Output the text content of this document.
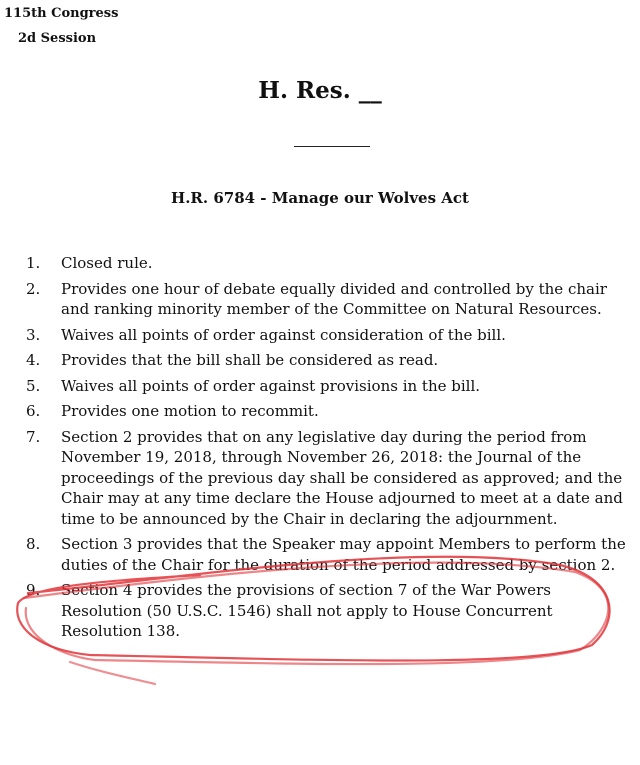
115th Congress
2d Session
H. Res. __
H.R. 6784 - Manage our Wolves Act
1.	Closed rule.
2.	Provides one hour of debate equally divided and controlled by the chair and ranking minority member of the Committee on Natural Resources.
3.	Waives all points of order against consideration of the bill.
4.	Provides that the bill shall be considered as read.
5.	Waives all points of order against provisions in the bill.
6.	Provides one motion to recommit.
7.	Section 2 provides that on any legislative day during the period from November 19, 2018, through November 26, 2018: the Journal of the proceedings of the previous day shall be considered as approved; and the Chair may at any time declare the House adjourned to meet at a date and time to be announced by the Chair in declaring the adjournment.
8.	Section 3 provides that the Speaker may appoint Members to perform the duties of the Chair for the duration of the period addressed by section 2.
9.	Section 4 provides the provisions of section 7 of the War Powers Resolution (50 U.S.C. 1546) shall not apply to House Concurrent Resolution 138.
